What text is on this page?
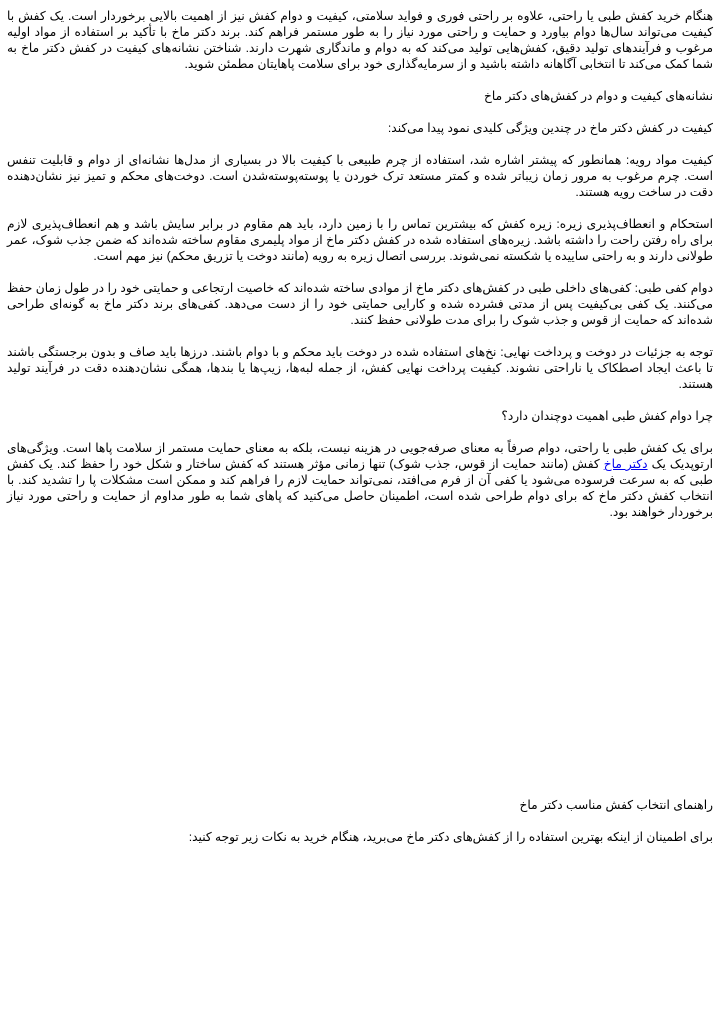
هنگام خرید کفش طبی یا راحتی، علاوه بر راحتی فوری و فواید سلامتی، کیفیت و دوام کفش نیز از اهمیت بالایی برخوردار است. یک کفش با کیفیت می‌تواند سال‌ها دوام بیاورد و حمایت و راحتی مورد نیاز را به طور مستمر فراهم کند. برند دکتر ماخ با تأکید بر استفاده از مواد اولیه مرغوب و فرآیندهای تولید دقیق، کفش‌هایی تولید می‌کند که به دوام و ماندگاری شهرت دارند. شناختن نشانه‌های کیفیت در کفش دکتر ماخ به شما کمک می‌کند تا انتخابی آگاهانه داشته باشید و از سرمایه‌گذاری خود برای سلامت پاهایتان مطمئن شوید.

نشانه‌های کیفیت و دوام در کفش‌های دکتر ماخ
کیفیت در کفش دکتر ماخ در چندین ویژگی کلیدی نمود پیدا می‌کند:

کیفیت مواد رویه: همانطور که پیشتر اشاره شد، استفاده از چرم طبیعی با کیفیت بالا در بسیاری از مدل‌ها نشانه‌ای از دوام و قابلیت تنفس است. چرم مرغوب به مرور زمان زیباتر شده و کمتر مستعد ترک خوردن یا پوسته‌پوسته‌شدن است. دوخت‌های محکم و تمیز نیز نشان‌دهنده دقت در ساخت رویه هستند.

استحکام و انعطاف‌پذیری زیره: زیره کفش که بیشترین تماس را با زمین دارد، باید هم مقاوم در برابر سایش باشد و هم انعطاف‌پذیری لازم برای راه رفتن راحت را داشته باشد. زیره‌های استفاده شده در کفش دکتر ماخ از مواد پلیمری مقاوم ساخته شده‌اند که ضمن جذب شوک، عمر طولانی دارند و به راحتی ساییده یا شکسته نمی‌شوند. بررسی اتصال زیره به رویه (مانند دوخت یا تزریق محکم) نیز مهم است.

دوام کفی طبی: کفی‌های داخلی طبی در کفش‌های دکتر ماخ از موادی ساخته شده‌اند که خاصیت ارتجاعی و حمایتی خود را در طول زمان حفظ می‌کنند. یک کفی بی‌کیفیت پس از مدتی فشرده شده و کارایی حمایتی خود را از دست می‌دهد. کفی‌های برند دکتر ماخ به گونه‌ای طراحی شده‌اند که حمایت از قوس و جذب شوک را برای مدت طولانی حفظ کنند.

توجه به جزئیات در دوخت و پرداخت نهایی: نخ‌های استفاده شده در دوخت باید محکم و با دوام باشند. درزها باید صاف و بدون برجستگی باشند تا باعث ایجاد اصطکاک یا ناراحتی نشوند. کیفیت پرداخت نهایی کفش، از جمله لبه‌ها، زیپ‌ها یا بندها، همگی نشان‌دهنده دقت در فرآیند تولید هستند.

چرا دوام کفش طبی اهمیت دوچندان دارد؟

برای یک کفش طبی یا راحتی، دوام صرفاً به معنای صرفه‌جویی در هزینه نیست، بلکه به معنای حمایت مستمر از سلامت پاها است. ویژگی‌های ارتوپدیک یک دکتر ماخ کفش (مانند حمایت از قوس، جذب شوک) تنها زمانی مؤثر هستند که کفش ساختار و شکل خود را حفظ کند. یک کفش طبی که به سرعت فرسوده می‌شود یا کفی آن از فرم می‌افتد، نمی‌تواند حمایت لازم را فراهم کند و ممکن است مشکلات پا را تشدید کند. با انتخاب کفش دکتر ماخ که برای دوام طراحی شده است، اطمینان حاصل می‌کنید که پاهای شما به طور مداوم از حمایت و راحتی مورد نیاز برخوردار خواهند بود.

راهنمای انتخاب کفش مناسب دکتر ماخ
برای اطمینان از اینکه بهترین استفاده را از کفش‌های دکتر ماخ می‌برید، هنگام خرید به نکات زیر توجه کنید:
